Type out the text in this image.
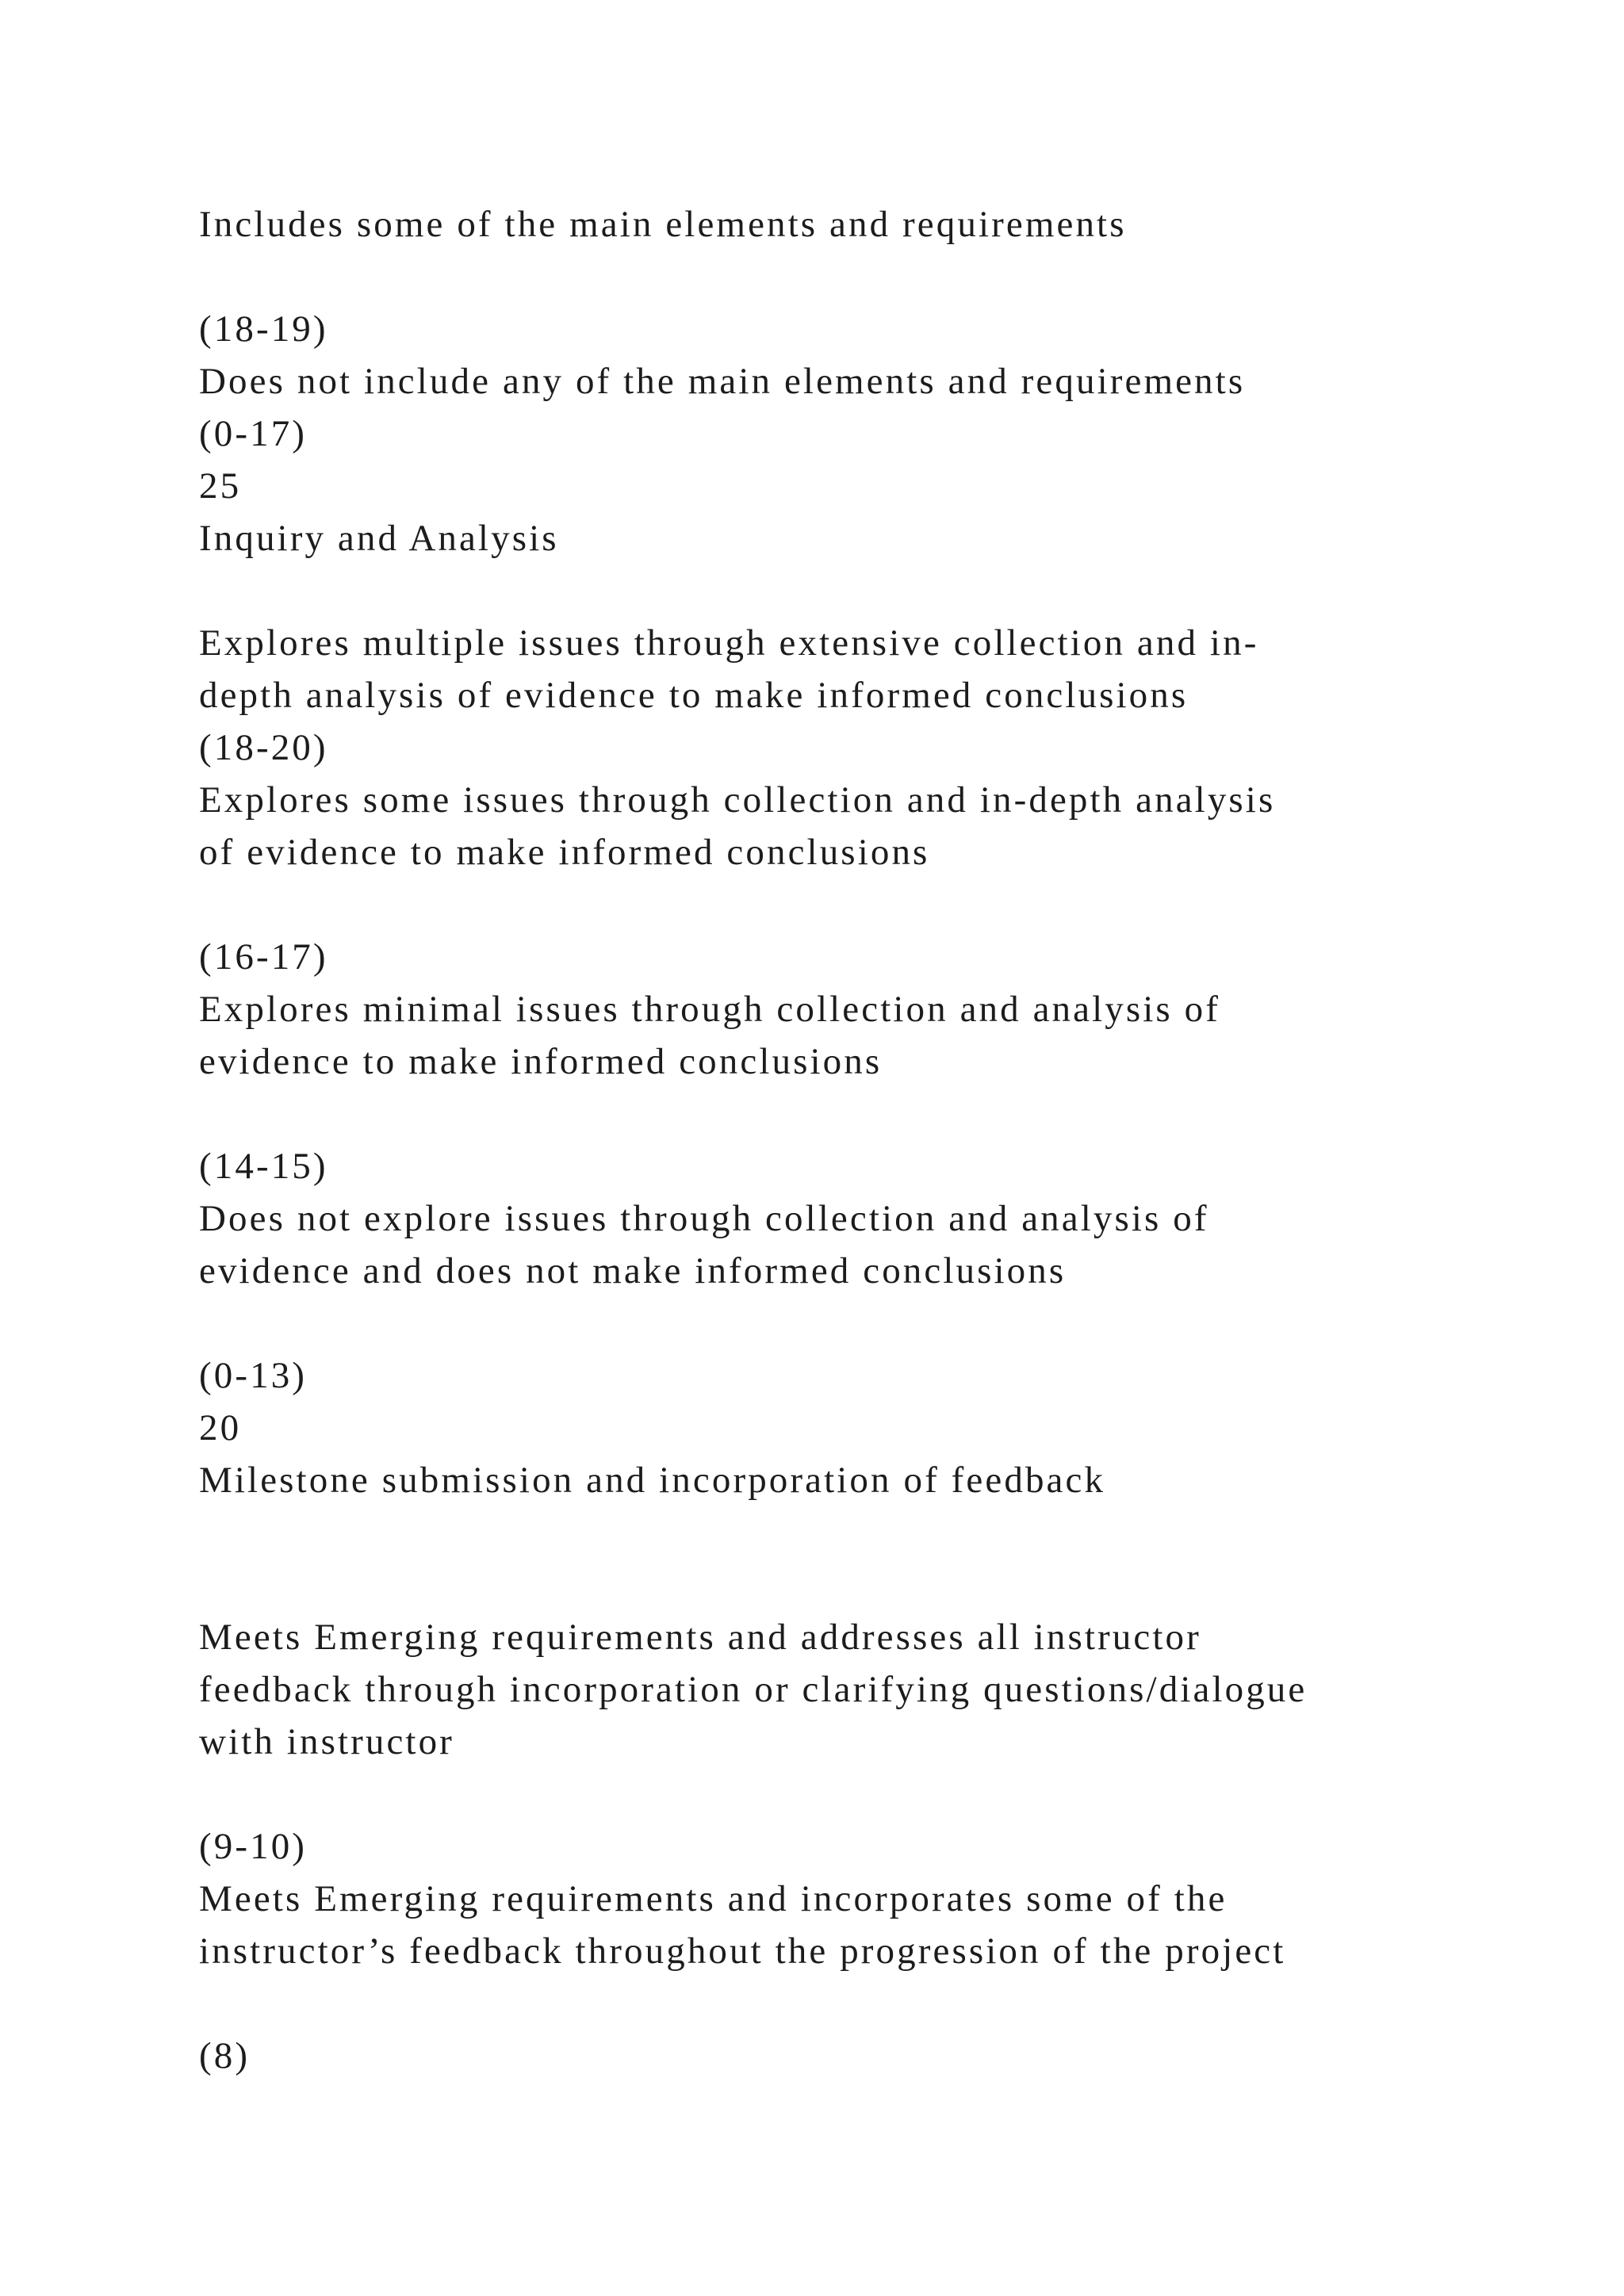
Includes some of the main elements and requirements
(18-19)
Does not include any of the main elements and requirements
(0-17)
25
Inquiry and Analysis
Explores multiple issues through extensive collection and in-
depth analysis of evidence to make informed conclusions
(18-20)
Explores some issues through collection and in-depth analysis
of evidence to make informed conclusions
(16-17)
Explores minimal issues through collection and analysis of
evidence to make informed conclusions
(14-15)
Does not explore issues through collection and analysis of
evidence and does not make informed conclusions
(0-13)
20
Milestone submission and incorporation of feedback
Meets Emerging requirements and addresses all instructor
feedback through incorporation or clarifying questions/dialogue
with instructor
(9-10)
Meets Emerging requirements and incorporates some of the
instructor’s feedback throughout the progression of the project
(8)
